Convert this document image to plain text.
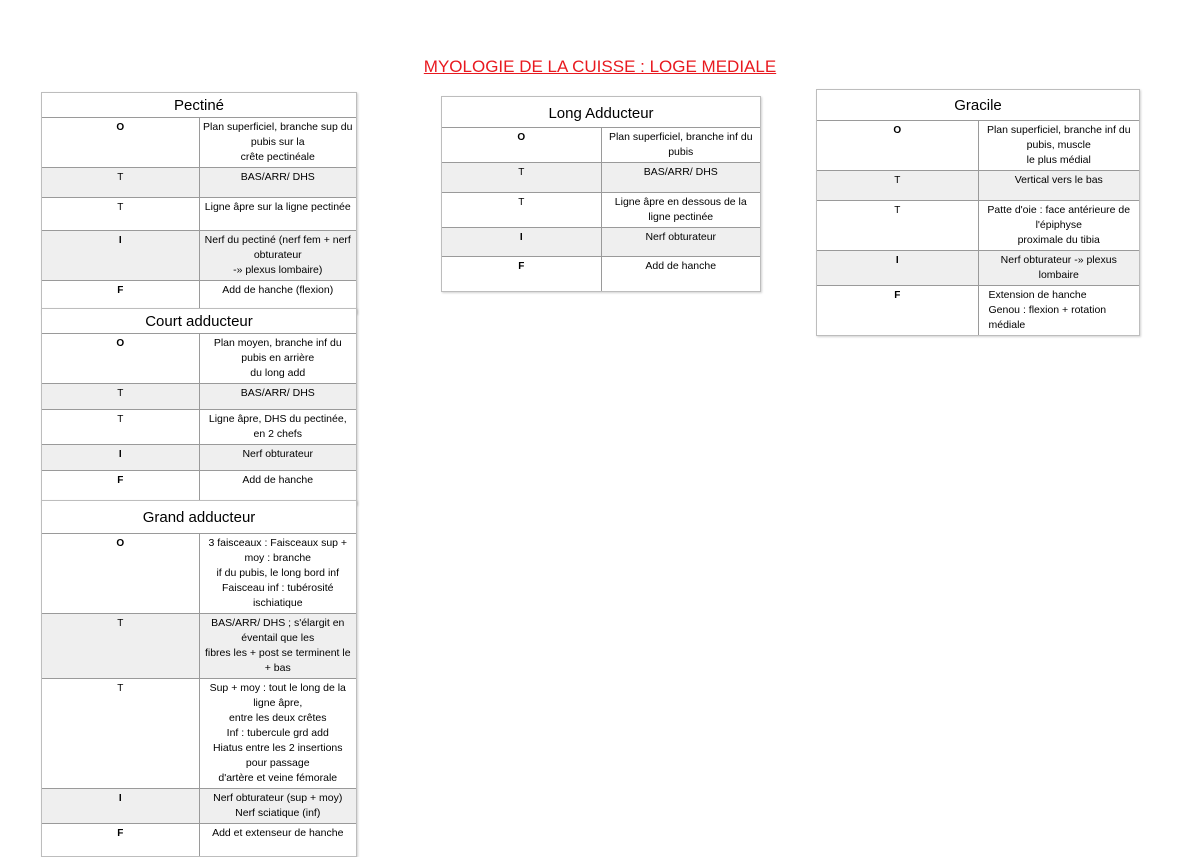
MYOLOGIE DE LA CUISSE : LOGE MEDIALE
Pectiné	
O	Plan superficiel, branche sup du pubis sur la
crête pectinéale
T	BAS/ARR/ DHS
T	Ligne âpre sur la ligne pectinée
I	Nerf du pectiné (nerf fem + nerf obturateur
-» plexus lombaire)
F	Add de hanche (flexion)
Court adducteur	
O	Plan moyen, branche inf du pubis en arrière
du long add
T	BAS/ARR/ DHS
T	Ligne âpre, DHS du pectinée, en 2 chefs
I	Nerf obturateur
F	Add de hanche
Grand adducteur	
O	3 faisceaux : Faisceaux sup + moy : branche
if du pubis, le long bord inf
Faisceau inf : tubérosité ischiatique
T	BAS/ARR/ DHS ; s'élargit en éventail que les
fibres les + post se terminent le + bas
T	Sup + moy : tout le long de la ligne âpre,
entre les deux crêtes
Inf : tubercule grd add
Hiatus entre les 2 insertions pour passage
d'artère et veine fémorale
I	Nerf obturateur (sup + moy)
Nerf sciatique (inf)
F	Add et extenseur de hanche
Long Adducteur	
O	Plan superficiel, branche inf du pubis
T	BAS/ARR/ DHS
T	Ligne âpre en dessous de la ligne pectinée
I	Nerf obturateur
F	Add de hanche
Gracile	
O	Plan superficiel, branche inf du pubis, muscle
le plus médial
T	Vertical vers le bas
T	Patte d'oie : face antérieure de l'épiphyse
proximale du tibia
I	Nerf obturateur -» plexus lombaire
F	Extension de hanche
Genou : flexion + rotation médiale
